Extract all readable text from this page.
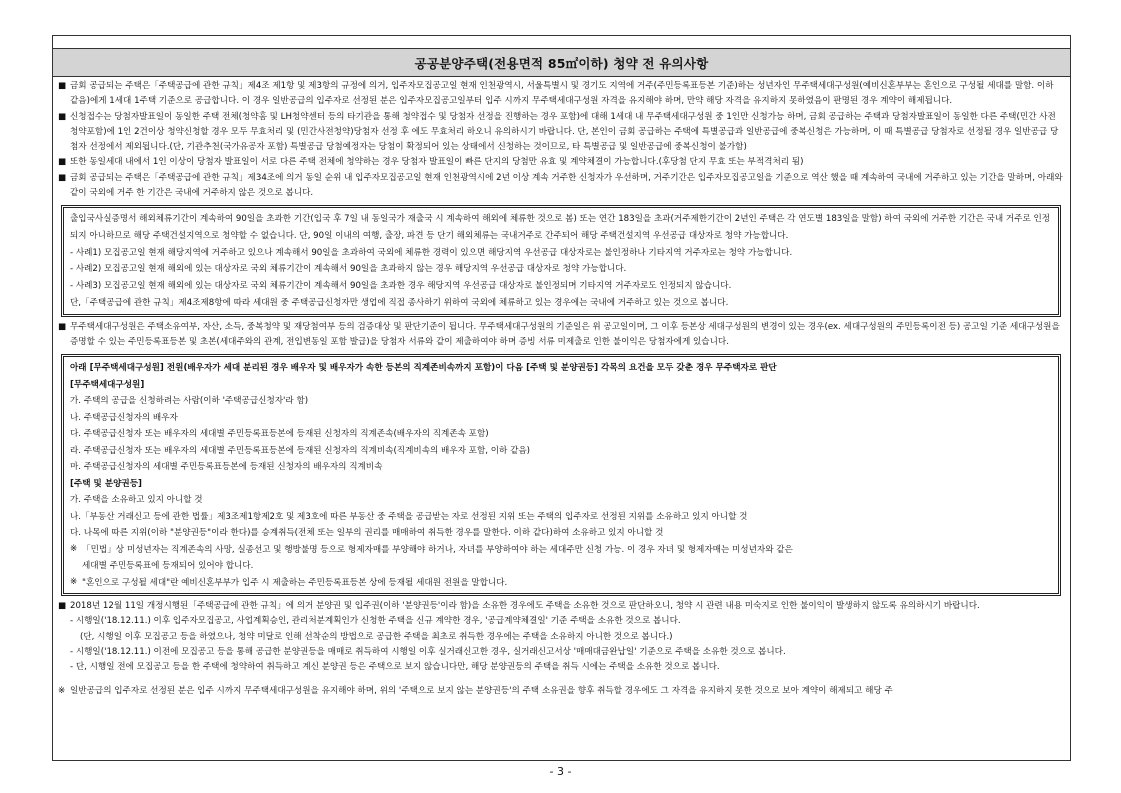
공공분양주택(전용면적 85㎡이하) 청약 전 유의사항
■ 금회 공급되는 주택은「주택공급에 관한 규칙」제4조 제1항 및 제3항의 규정에 의거, 입주자모집공고일 현재 인천광역시, 서울특별시 및 경기도 지역에 거주(주민등록표등본 기준)하는 성년자인 무주택세대구성원(예비신혼부부는 혼인으로 구성될 세대를 말함. 이하 같음)에게 1세대 1주택 기준으로 공급합니다. 이 경우 일반공급의 입주자로 선정된 분은 입주자모집공고일부터 입주 시까지 무주택세대구성원 자격을 유지해야 하며, 만약 해당 자격을 유지하지 못하였음이 판명된 경우 계약이 해제됩니다.

■ 신청접수는 당첨자발표일이 동일한 주택 전체(청약홈 및 LH청약센터 등의 타기관을 통해 청약접수 및 당첨자 선정을 진행하는 경우 포함)에 대해 1세대 내 무주택세대구성원 중 1인만 신청가능 하며, 금회 공급하는 주택과 당첨자발표일이 동일한 다른 주택(민간 사전청약포함)에 1인 2건이상 청약신청할 경우 모두 무효처리 및 (민간사전청약)당첨자 선정 후 에도 무효처리 하오니 유의하시기 바랍니다. 단, 본인이 금회 공급하는 주택에 특별공급과 일반공급에 중복신청은 가능하며, 이 때 특별공급 당첨자로 선정될 경우 일반공급 당첨자 선정에서 제외됩니다.(단, 기관추천(국가유공자 포함) 특별공급 당첨예정자는 당첨이 확정되어 있는 상태에서 신청하는 것이므로, 타 특별공급 및 일반공급에 중복신청이 불가함)

■ 또한 동일세대 내에서 1인 이상이 당첨자 발표일이 서로 다른 주택 전체에 청약하는 경우 당첨자 발표일이 빠른 단지의 당첨만 유효 및 계약체결이 가능합니다.(후당첨 단지 무효 또는 부적격처리 됨)

■ 금회 공급되는 주택은「주택공급에 관한 규칙」제34조에 의거 동일 순위 내 입주자모집공고일 현재 인천광역시에 2년 이상 계속 거주한 신청자가 우선하며, 거주기간은 입주자모집공고일을 기준으로 역산 했을 때 계속하여 국내에 거주하고 있는 기간을 말하며, 아래와 같이 국외에 거주 한 기간은 국내에 거주하지 않은 것으로 봅니다.

출입국사실증명서 해외체류기간이 계속하여 90일을 초과한 기간(입국 후 7일 내 동일국가 재출국 시 계속하여 해외에 체류한 것으로 봄) 또는 연간 183일을 초과(거주제한기간이 2년인 주택은 각 연도별 183일을 말함) 하여 국외에 거주한 기간은 국내 거주로 인정되지 아니하므로 해당 주택건설지역으로 청약할 수 없습니다. 단, 90일 이내의 여행, 출장, 파견 등 단기 해외체류는 국내거주로 간주되어 해당 주택건설지역 우선공급 대상자로 청약 가능합니다.

- 사례1) 모집공고일 현재 해당지역에 거주하고 있으나 계속해서 90일을 초과하여 국외에 체류한 경력이 있으면 해당지역 우선공급 대상자로는 불인정하나 기타지역 거주자로는 청약 가능합니다.

- 사례2) 모집공고일 현재 해외에 있는 대상자로 국외 체류기간이 계속해서 90일을 초과하지 않는 경우 해당지역 우선공급 대상자로 청약 가능합니다.

- 사례3) 모집공고일 현재 해외에 있는 대상자로 국외 체류기간이 계속해서 90일을 초과한 경우 해당지역 우선공급 대상자로 불인정되며 기타지역 거주자로도 인정되지 않습니다.

단,「주택공급에 관한 규칙」제4조제8항에 따라 세대원 중 주택공급신청자만 생업에 직접 종사하기 위하여 국외에 체류하고 있는 경우에는 국내에 거주하고 있는 것으로 봅니다.

■ 무주택세대구성원은 주택소유여부, 자산, 소득, 중복청약 및 재당첨여부 등의 검증대상 및 판단기준이 됩니다. 무주택세대구성원의 기준일은 위 공고일이며, 그 이후 등본상 세대구성원의 변경이 있는 경우(ex. 세대구성원의 주민등록이전 등) 공고일 기준 세대구성원을 증명할 수 있는 주민등록표등본 및 초본(세대주와의 관계, 전입변동일 포함 발급)을 당첨자 서류와 같이 제출하여야 하며 증빙 서류 미제출로 인한 불이익은 당첨자에게 있습니다.

아래 [무주택세대구성원] 전원(배우자가 세대 분리된 경우 배우자 및 배우자가 속한 등본의 직계존비속까지 포함)이 다음 [주택 및 분양권등] 각목의 요건을 모두 갖춘 경우 무주택자로 판단

[무주택세대구성원]

가. 주택의 공급을 신청하려는 사람(이하 '주택공급신청자'라 함)

나. 주택공급신청자의 배우자

다. 주택공급신청자 또는 배우자의 세대별 주민등록표등본에 등재된 신청자의 직계존속(배우자의 직계존속 포함)

라. 주택공급신청자 또는 배우자의 세대별 주민등록표등본에 등재된 신청자의 직계비속(직계비속의 배우자 포함, 이하 같음)

마. 주택공급신청자의 세대별 주민등록표등본에 등재된 신청자의 배우자의 직계비속

[주택 및 분양권등]

가. 주택을 소유하고 있지 아니할 것

나.「부동산 거래신고 등에 관한 법률」제3조제1항제2호 및 제3호에 따른 부동산 중 주택을 공급받는 자로 선정된 지위 또는 주택의 입주자로 선정된 지위를 소유하고 있지 아니할 것

다. 나목에 따른 지위(이하 "분양권등"이라 한다)를 승계취득(전체 또는 일부의 권리를 매매하여 취득한 경우를 말한다. 이하 같다)하여 소유하고 있지 아니할 것

※ 「민법」상 미성년자는 직계존속의 사망, 실종선고 및 행방불명 등으로 형제자매를 부양해야 하거나, 자녀를 부양하여야 하는 세대주만 신청 가능. 이 경우 자녀 및 형제자매는 미성년자와 같은

세대별 주민등록표에 등재되어 있어야 합니다.

※ "혼인으로 구성될 세대"란 예비신혼부부가 입주 시 제출하는 주민등록표등본 상에 등재될 세대원 전원을 말합니다.

■ 2018년 12월 11일 개정시행된「주택공급에 관한 규칙」에 의거 분양권 및 입주권(이하 '분양권등'이라 함)을 소유한 경우에도 주택을 소유한 것으로 판단하오니, 청약 시 관련 내용 미숙지로 인한 불이익이 발생하지 않도록 유의하시기 바랍니다.

- 시행일('18.12.11.) 이후 입주자모집공고, 사업계획승인, 관리처분계획인가 신청한 주택을 신규 계약한 경우, '공급계약체결일' 기준 주택을 소유한 것으로 봅니다.

(단, 시행일 이후 모집공고 등을 하였으나, 청약 미달로 인해 선착순의 방법으로 공급한 주택을 최초로 취득한 경우에는 주택을 소유하지 아니한 것으로 봅니다.)

- 시행일('18.12.11.) 이전에 모집공고 등을 통해 공급한 분양권등을 매매로 취득하여 시행일 이후 실거래신고한 경우, 실거래신고서상 '매매대금완납일' 기준으로 주택을 소유한 것으로 봅니다.

- 단, 시행일 전에 모집공고 등을 한 주택에 청약하여 취득하고 계신 분양권 등은 주택으로 보지 않습니다만, 해당 분양권등의 주택을 취득 시에는 주택을 소유한 것으로 봅니다.

※ 일반공급의 입주자로 선정된 분은 입주 시까지 무주택세대구성원을 유지해야 하며, 위의 '주택으로 보지 않는 분양권등'의 주택 소유권을 향후 취득할 경우에도 그 자격을 유지하지 못한 것으로 보아 계약이 해제되고 해당 주

- 3 -
